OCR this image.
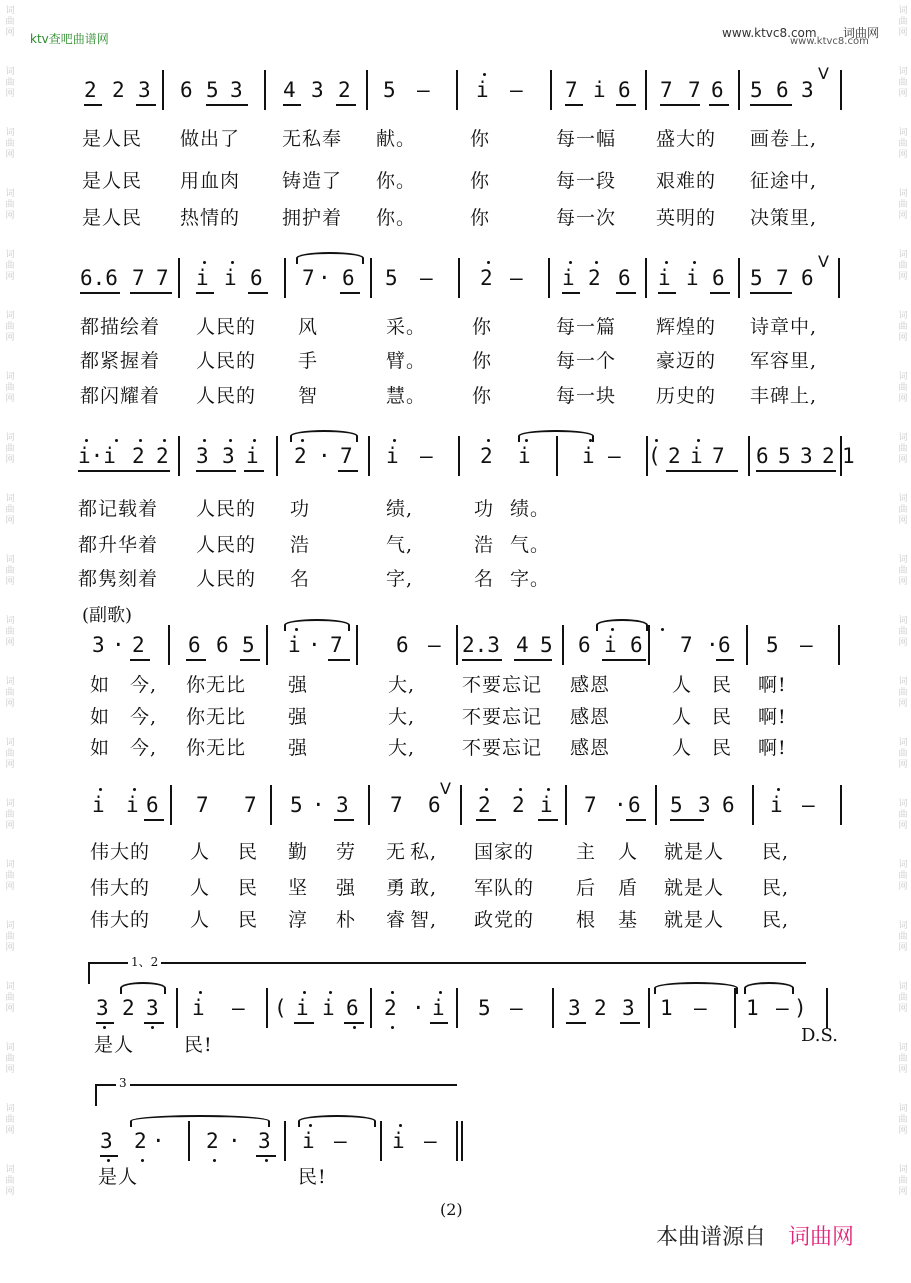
词
曲
网
词
曲
网
词
曲
网
词
曲
网
词
曲
网
词
曲
网
词
曲
网
词
曲
网
词
曲
网
词
曲
网
词
曲
网
词
曲
网
词
曲
网
词
曲
网
词
曲
网
词
曲
网
词
曲
网
词
曲
网
词
曲
网
词
曲
网
词
曲
网
词
曲
网
词
曲
网
词
曲
网
词
曲
网
词
曲
网
词
曲
网
词
曲
网
词
曲
网
词
曲
网
词
曲
网
词
曲
网
词
曲
网
词
曲
网
词
曲
网
词
曲
网
词
曲
网
词
曲
网
词
曲
网
词
曲
网
ktv查吧曲谱网	www.ktvc8.com
www.ktvc8.com
词曲网
2 2 3 6 5 3 4 3 2 5 — i — 7 i 6 7 7 6 5 6 3
V
是人民 做出了 无私奉 献。	你	每一幅 盛大的 画卷上,
是人民 用血肉 铸造了 你。	你	每一段 艰难的 征途中,
是人民 热情的 拥护着 你。	你	每一次 英明的 决策里,
6.6 7 7 i i 6 7 · 6 5 — 2 — i 2 6 i i 6 5 7 6
V
都描绘着 人民的 风	采。 你	每一篇 辉煌的 诗章中,
都紧握着 人民的 手	臂。 你	每一个 豪迈的 军容里,
都闪耀着 人民的 智	慧。 你	每一块 历史的 丰碑上,
i·i 2 2 3 3 i 2 · 7 i — 2 i i — ( 2 i 7 6 5 3 2 1
都记载着 人民的 功	绩,	功 绩。
都升华着 人民的 浩	气,	浩 气。
都隽刻着 人民的 名	字,	名 字。
(副歌)
3 · 2 6 6 5 i · 7	6 — 2.3 4 5 6 i 6 7 · 6 5 —
如 今, 你无比 强	大, 不要忘记 感恩	人 民 啊!
如 今, 你无比 强	大, 不要忘记 感恩	人 民 啊!
如 今, 你无比 强	大, 不要忘记 感恩	人 民 啊!
i i 6 7 7 5 · 3 7 6 2 2 i 7 · 6 5 3 6 i —
V
伟大的 人 民 勤 劳 无 私, 国家的 主 人 就是人 民,
伟大的 人 民 坚 强 勇 敢, 军队的 后 盾 就是人 民,
伟大的 人 民 淳 朴 睿 智, 政党的 根 基 就是人 民,
1、2
3 2 3 i — ( i i 6 2 · i 5 — 3 2 3 1 — 1 — )
是人	民!	D.S.
3
3 2 · 2 · 3 i — i —
是人	民!
(2)
本曲谱源自 词曲网
